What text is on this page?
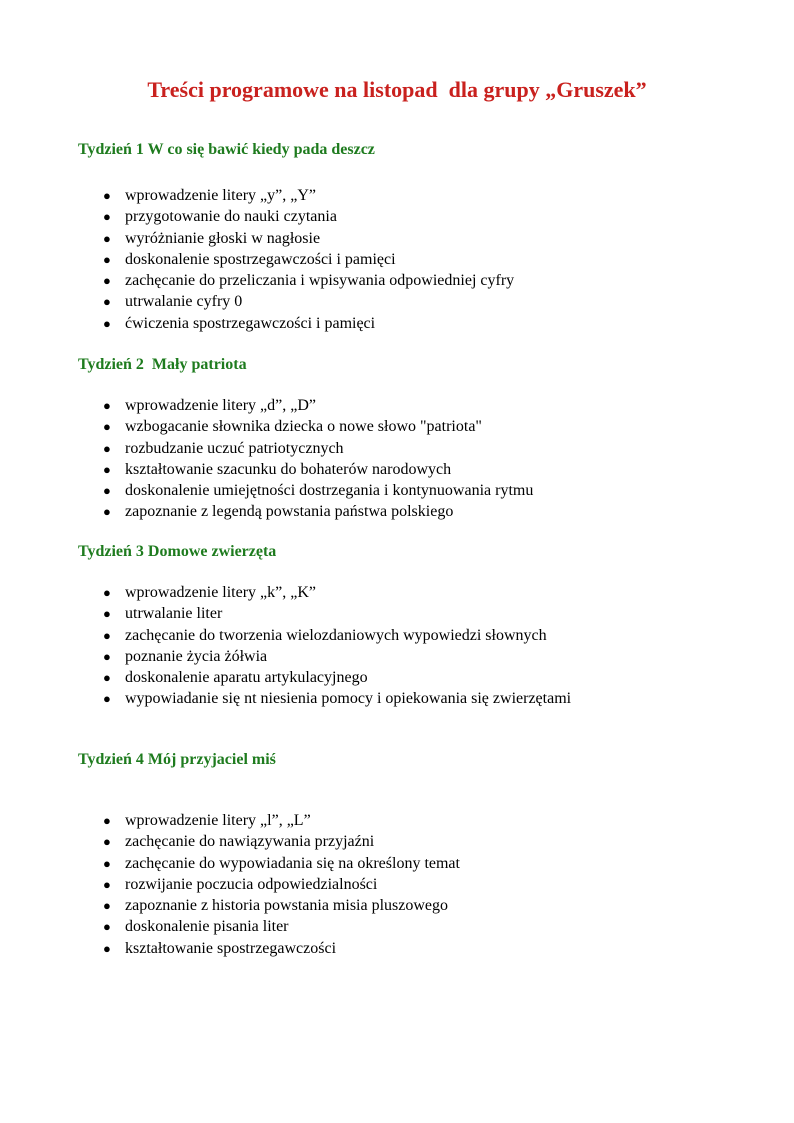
Treści programowe na listopad  dla grupy „Gruszek”
Tydzień 1 W co się bawić kiedy pada deszcz
● wprowadzenie litery „y”, „Y”
● przygotowanie do nauki czytania
● wyróżnianie głoski w nagłosie
● doskonalenie spostrzegawczości i pamięci
● zachęcanie do przeliczania i wpisywania odpowiedniej cyfry
● utrwalanie cyfry 0
● ćwiczenia spostrzegawczości i pamięci
Tydzień 2  Mały patriota
● wprowadzenie litery „d”, „D”
● wzbogacanie słownika dziecka o nowe słowo "patriota"
● rozbudzanie uczuć patriotycznych
● kształtowanie szacunku do bohaterów narodowych
● doskonalenie umiejętności dostrzegania i kontynuowania rytmu
● zapoznanie z legendą powstania państwa polskiego
Tydzień 3 Domowe zwierzęta
● wprowadzenie litery „k”, „K”
● utrwalanie liter
● zachęcanie do tworzenia wielozdaniowych wypowiedzi słownych
● poznanie życia żółwia
● doskonalenie aparatu artykulacyjnego
● wypowiadanie się nt niesienia pomocy i opiekowania się zwierzętami
Tydzień 4 Mój przyjaciel miś
● wprowadzenie litery „l”, „L”
● zachęcanie do nawiązywania przyjaźni
● zachęcanie do wypowiadania się na określony temat
● rozwijanie poczucia odpowiedzialności
● zapoznanie z historia powstania misia pluszowego
● doskonalenie pisania liter
● kształtowanie spostrzegawczości
